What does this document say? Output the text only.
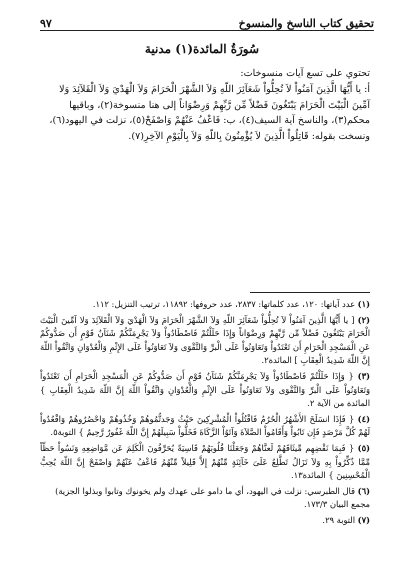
تحقيق كتاب الناسخ والمنسوخ
٩٧
سُورَةُ المائدة(١) مدنية

تحتوي على تسع آيات منسوخات:

أ: يا أَيُّهَا الَّذِينَ آمَنُواْ لاَ تُحِلُّواْ شَعَآئِرَ اللّهِ وَلاَ الشَّهْرَ الْحَرَامَ وَلاَ الْهَدْيَ وَلاَ الْقَلآئِدَ وَلا

آمِّينَ الْبَيْتَ الْحَرَامَ يَبْتَغُونَ فَضْلاً مِّن رَّبِّهِمْ وَرِضْوَاناً إلى هنا منسوخة(٢)، وباقيها

محكم(٣)، والناسخ آية السيف(٤)، ب: فَاعْفُ عَنْهُمْ وَاصْفَحْ(٥)، نزلت في اليهود(٦)،

ونسخت بقوله: قَاتِلُواْ الَّذِينَ لاَ يُؤْمِنُونَ بِاللّهِ وَلاَ بِالْيَوْمِ الآخِرِ(٧).

(١) عدد آياتها: ١٢٠، عدد كلماتها: ٢٨٣٧، عدد حروفها: ١١٨٩٢، ترتيب التنزيل: ١١٢.
(٢) [ يا أَيُّهَا الَّذِينَ آمَنُواْ لاَ تُحِلُّواْ شَعَآئِرَ اللّهِ وَلاَ الشَّهْرَ الْحَرَامَ وَلاَ الْهَدْيَ وَلاَ الْقَلآئِدَ وَلا آمِّينَ الْبَيْتَ الْحَرَامَ يَبْتَغُونَ فَضْلاً مِّن رَّبِّهِمْ وَرِضْوَاناً وَإِذَا حَلَلْتُمْ فَاصْطَادُواْ وَلاَ يَجْرِمَنَّكُمْ شَنَآنُ قَوْمٍ أَن صَدُّوكُمْ عَنِ الْمَسْجِدِ الْحَرَامِ أَن تَعْتَدُواْ وَتَعَاوَنُواْ عَلَى الْبرِّ وَالتَّقْوَى وَلاَ تَعَاوَنُواْ عَلَى الإِثْمِ وَالْعُدْوَانِ وَاتَّقُواْ اللّهَ إِنَّ اللّهَ شَدِيدُ الْعِقَابِ ] المائدة٢.
(٣) { وَإِذَا حَلَلْتُمْ فَاصْطَادُواْ وَلاَ يَجْرِمَنَّكُمْ شَنَآنُ قَوْمٍ أَن صَدُّوكُمْ عَنِ الْمَسْجِدِ الْحَرَامِ أَن تَعْتَدُواْ وَتَعَاوَنُواْ عَلَى الْبرِّ وَالتَّقْوَى وَلاَ تَعَاوَنُواْ عَلَى الإِثْمِ وَالْعُدْوَانِ وَاتَّقُواْ اللّهَ إِنَّ اللّهَ شَدِيدُ الْعِقَابِ } المائدة من الآية ٢.
(٤) { فَإِذَا انسَلَخَ الأَشْهُرُ الْحُرُمُ فَاقْتُلُواْ الْمُشْرِكِينَ حَيْثُ وَجَدتُّمُوهُمْ وَخُذُوهُمْ وَاحْصُرُوهُمْ وَاقْعُدُواْ لَهُمْ كُلَّ مَرْصَدٍ فَإِن تَابُواْ وَأَقَامُواْ الصَّلاَةَ وَآتَوُاْ الزَّكَاةَ فَخَلُّواْ سَبِيلَهُمْ إِنَّ اللّهَ غَفُورٌ رَّحِيمٌ } التوبة٥.
(٥) { فَبِمَا نَقْضِهِم مِّيثَاقَهُمْ لَعنَّاهُمْ وَجَعَلْنَا قُلُوبَهُمْ قَاسِيَةً يُحَرِّفُونَ الْكَلِمَ عَن مَّوَاضِعِهِ وَنَسُواْ حَظّاً مِّمَّا ذُكِّرُواْ بِهِ وَلاَ تَزَالُ تَطَّلِعُ عَلَىَ خَآئِنَةٍ مِّنْهُمْ إِلاَّ قَلِيلاً مِّنْهُمُ فَاعْفُ عَنْهُمْ وَاصْفَحْ إِنَّ اللّهَ يُحِبُّ الْمُحْسِنِينَ } المائدة١٣.
(٦) قال الطبرسي: نزلت في اليهود، أي ما دامو على عهدك ولم يخونوك وتابوا وبذلوا الجزية)
مجمع البيان ١٧٣/٣.
(٧) التوبة ٢٩.
